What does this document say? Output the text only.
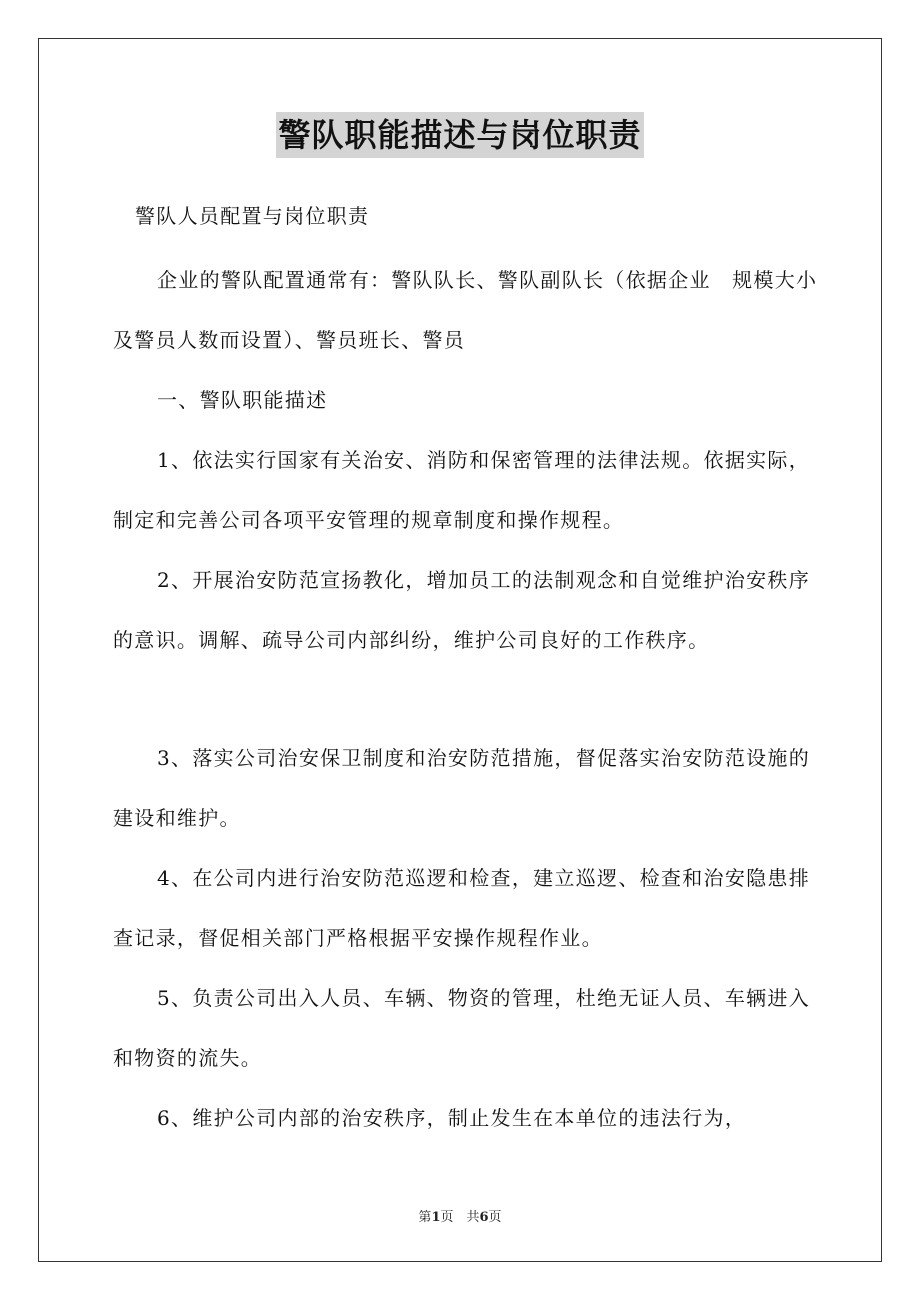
警队职能描述与岗位职责

警队人员配置与岗位职责

企业的警队配置通常有：警队队长、警队副队长（依据企业　规模大小及警员人数而设置）、警员班长、警员

一、警队职能描述

1、依法实行国家有关治安、消防和保密管理的法律法规。依据实际，制定和完善公司各项平安管理的规章制度和操作规程。

2、开展治安防范宣扬教化，增加员工的法制观念和自觉维护治安秩序的意识。调解、疏导公司内部纠纷，维护公司良好的工作秩序。

3、落实公司治安保卫制度和治安防范措施，督促落实治安防范设施的建设和维护。

4、在公司内进行治安防范巡逻和检查，建立巡逻、检查和治安隐患排查记录，督促相关部门严格根据平安操作规程作业。

5、负责公司出入人员、车辆、物资的管理，杜绝无证人员、车辆进入和物资的流失。

6、维护公司内部的治安秩序，制止发生在本单位的违法行为，

第1页　共6页
